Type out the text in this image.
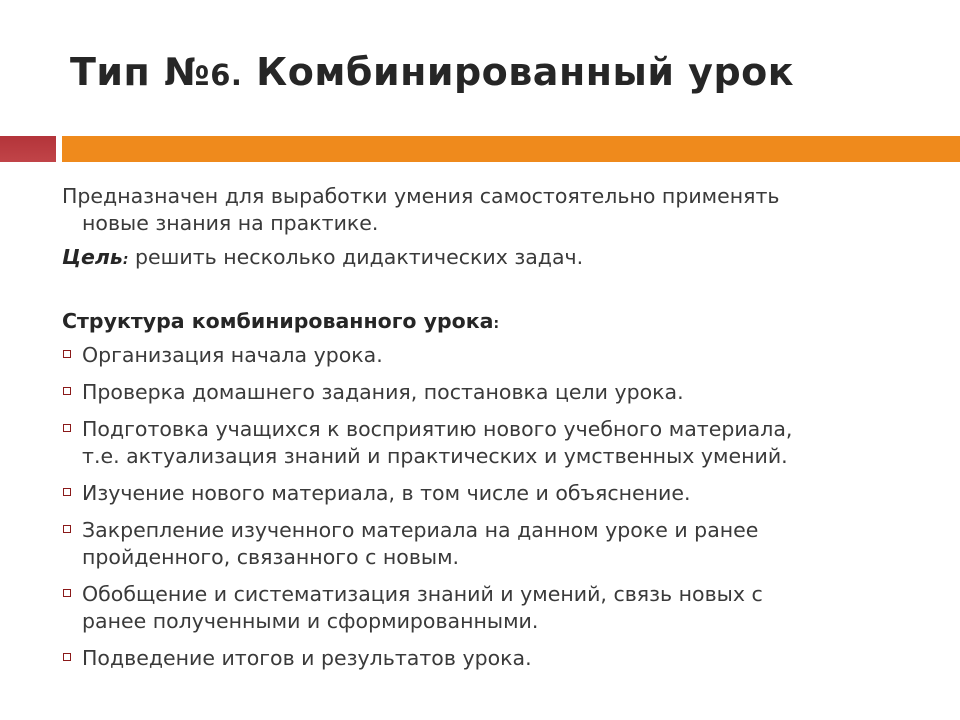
Тип №6. Комбинированный урок

Предназначен для выработки умения самостоятельно применять
новые знания на практике.

Цель: решить несколько дидактических задач.

Структура комбинированного урока:

Организация начала урока.
Проверка домашнего задания, постановка цели урока.
Подготовка учащихся к восприятию нового учебного материала,
т.е. актуализация знаний и практических и умственных умений.
Изучение нового материала, в том числе и объяснение.
Закрепление изученного материала на данном уроке и ранее
пройденного, связанного с новым.
Обобщение и систематизация знаний и умений, связь новых с
ранее полученными и сформированными.
Подведение итогов и результатов урока.
